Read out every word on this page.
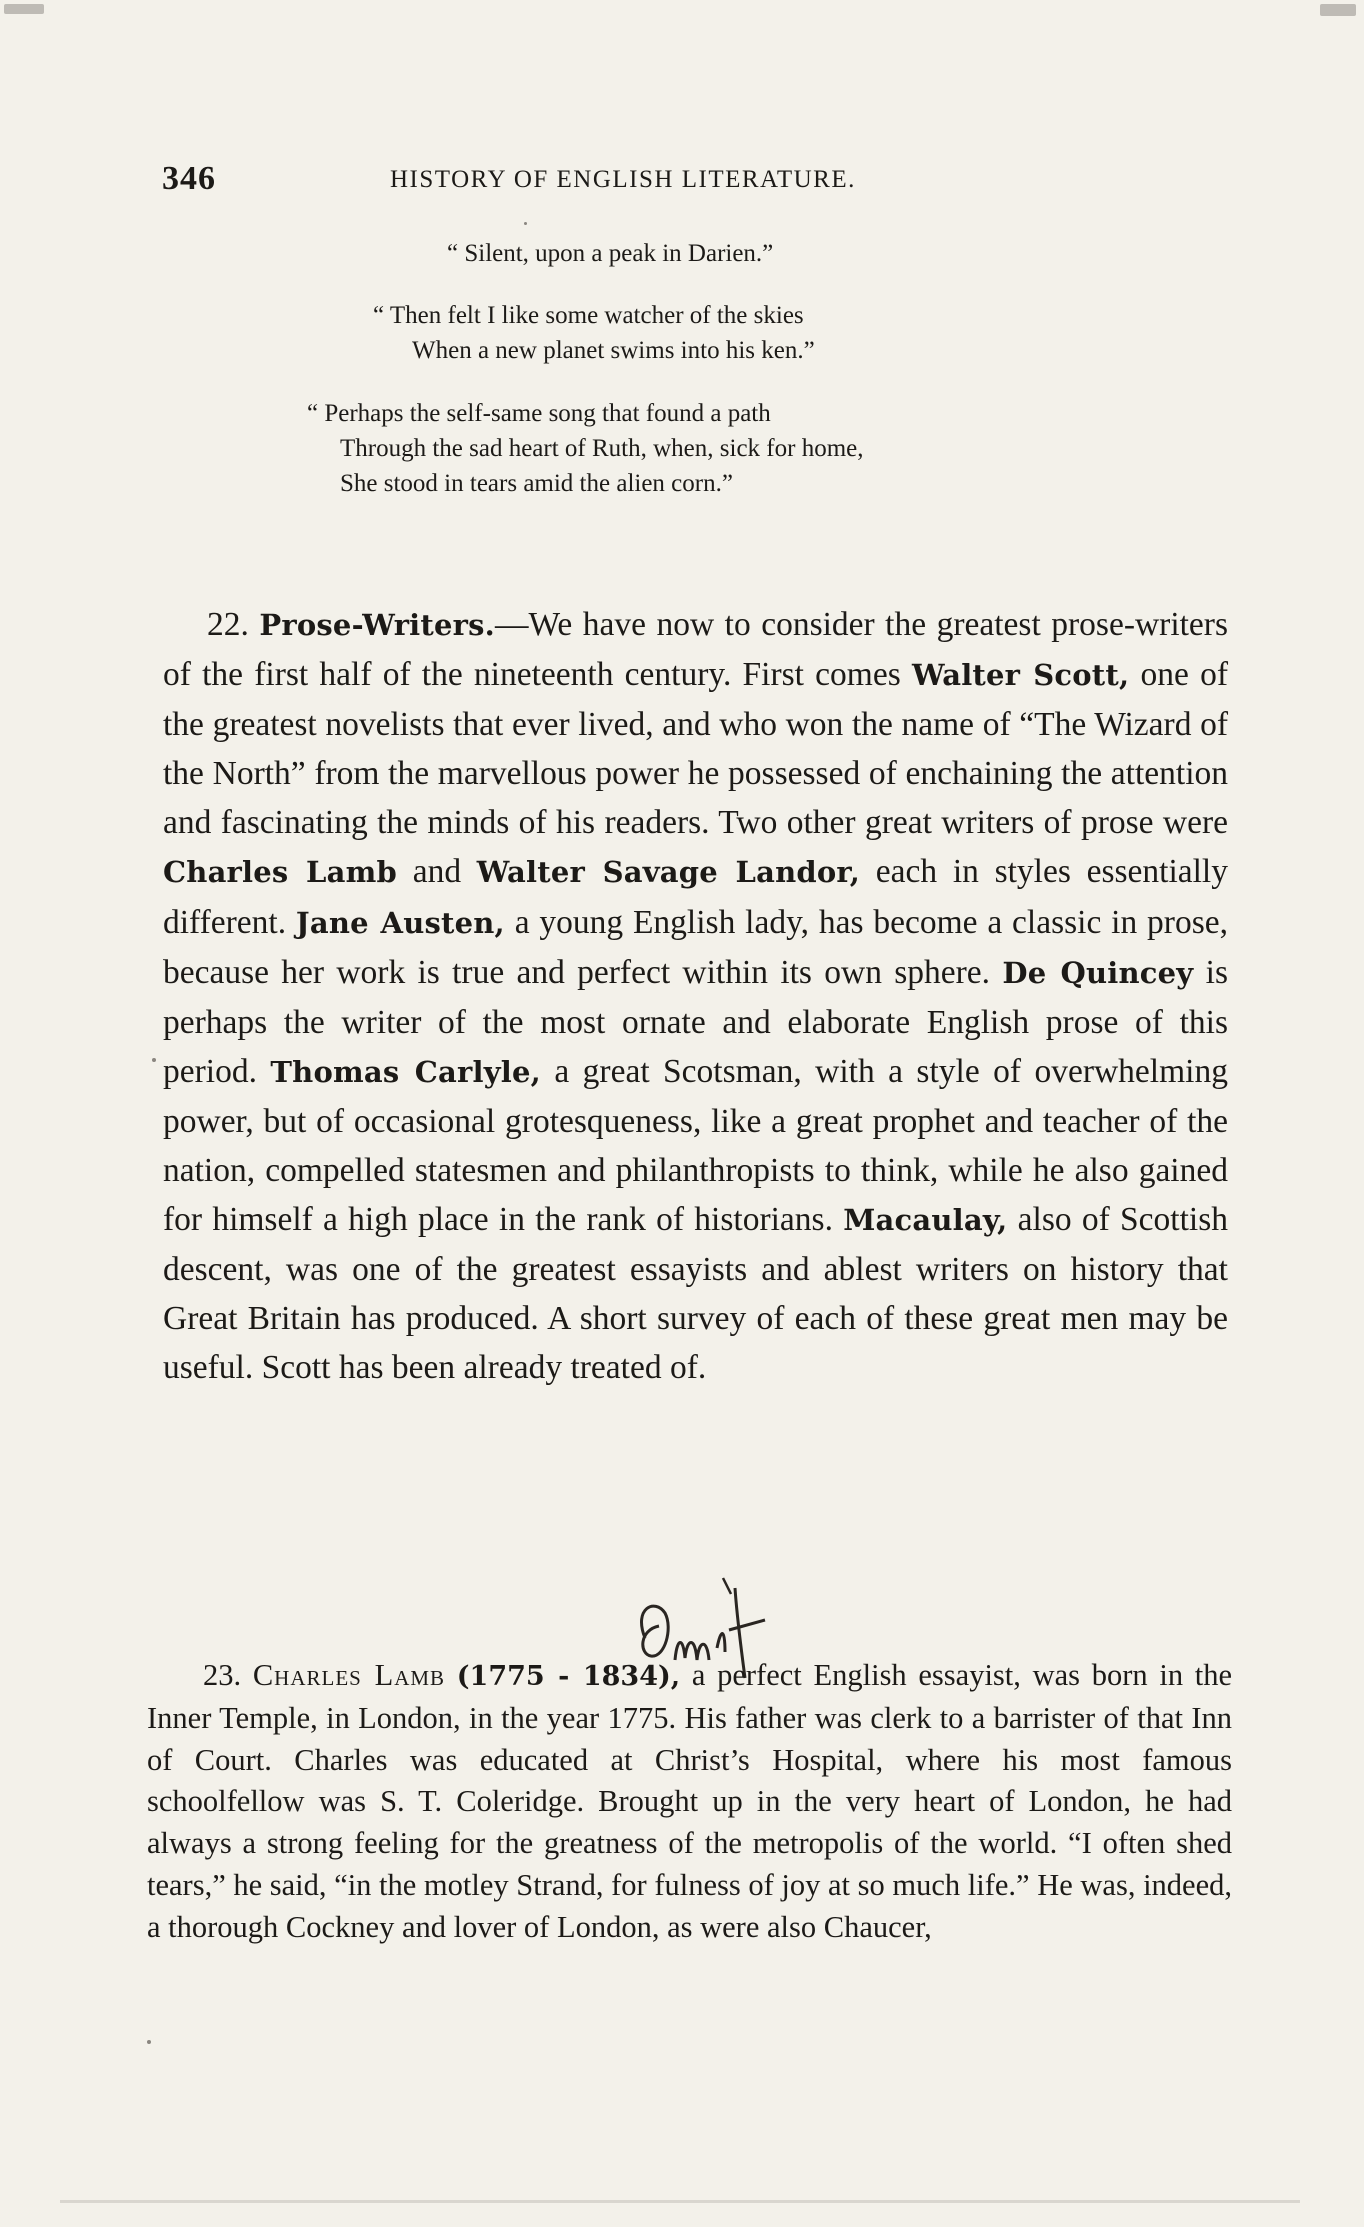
346	HISTORY OF ENGLISH LITERATURE.
“ Silent, upon a peak in Darien.”
“ Then felt I like some watcher of the skies
When a new planet swims into his ken.”
“ Perhaps the self-same song that found a path
Through the sad heart of Ruth, when, sick for home,
She stood in tears amid the alien corn.”

22. Prose-Writers.—We have now to consider the greatest prose-writers of the first half of the nineteenth century. First comes Walter Scott, one of the greatest novelists that ever lived, and who won the name of “The Wizard of the North” from the marvellous power he possessed of enchaining the attention and fascinating the minds of his readers. Two other great writers of prose were Charles Lamb and Walter Savage Landor, each in styles essentially different. Jane Austen, a young English lady, has become a classic in prose, because her work is true and perfect within its own sphere. De Quincey is perhaps the writer of the most ornate and elaborate English prose of this period. Thomas Carlyle, a great Scotsman, with a style of overwhelming power, but of occasional grotesqueness, like a great prophet and teacher of the nation, compelled statesmen and philanthropists to think, while he also gained for himself a high place in the rank of historians. Macaulay, also of Scottish descent, was one of the greatest essayists and ablest writers on history that Great Britain has produced. A short survey of each of these great men may be useful. Scott has been already treated of.

23. Charles Lamb (1775 - 1834), a perfect English essayist, was born in the Inner Temple, in London, in the year 1775. His father was clerk to a barrister of that Inn of Court. Charles was educated at Christ’s Hospital, where his most famous schoolfellow was S. T. Coleridge. Brought up in the very heart of London, he had always a strong feeling for the greatness of the metropolis of the world. “I often shed tears,” he said, “in the motley Strand, for fulness of joy at so much life.” He was, indeed, a thorough Cockney and lover of London, as were also Chaucer,
